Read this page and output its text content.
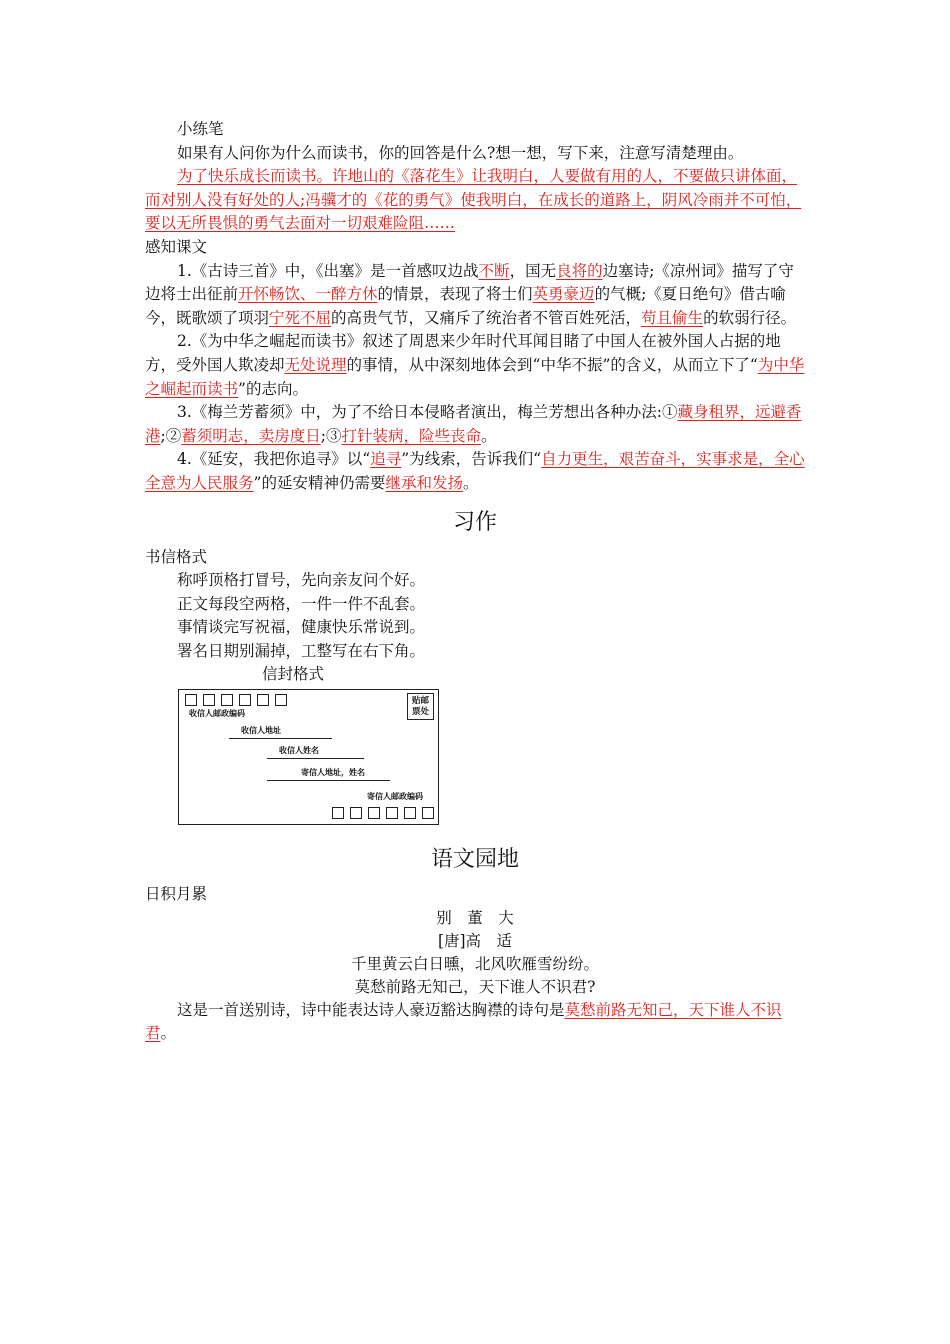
小练笔

如果有人问你为什么而读书，你的回答是什么?想一想，写下来，注意写清楚理由。

为了快乐成长而读书。许地山的《落花生》让我明白，人要做有用的人，不要做只讲体面，而对别人没有好处的人;冯骥才的《花的勇气》使我明白，在成长的道路上，阴风冷雨并不可怕，要以无所畏惧的勇气去面对一切艰难险阻……

感知课文

1.《古诗三首》中，《出塞》是一首感叹边战不断，国无良将的边塞诗;《凉州词》描写了守边将士出征前开怀畅饮、一醉方休的情景，表现了将士们英勇豪迈的气概;《夏日绝句》借古喻今，既歌颂了项羽宁死不屈的高贵气节，又痛斥了统治者不管百姓死活，苟且偷生的软弱行径。

2.《为中华之崛起而读书》叙述了周恩来少年时代耳闻目睹了中国人在被外国人占据的地方，受外国人欺凌却无处说理的事情，从中深刻地体会到“中华不振”的含义，从而立下了“为中华之崛起而读书”的志向。

3.《梅兰芳蓄须》中，为了不给日本侵略者演出，梅兰芳想出各种办法:①藏身租界，远避香港;②蓄须明志，卖房度日;③打针装病，险些丧命。

4.《延安，我把你追寻》以“追寻”为线索，告诉我们“自力更生，艰苦奋斗，实事求是，全心全意为人民服务”的延安精神仍需要继承和发扬。

习作

书信格式

称呼顶格打冒号，先向亲友问个好。

正文每段空两格，一件一件不乱套。

事情谈完写祝福，健康快乐常说到。

署名日期别漏掉，工整写在右下角。

信封格式

贴邮
票处
收信人邮政编码
收信人地址
收信人姓名
寄信人地址，姓名
寄信人邮政编码
语文园地

日积月累

别　董　大

[唐]高　适

千里黄云白日曛，北风吹雁雪纷纷。

莫愁前路无知己，天下谁人不识君?

这是一首送别诗，诗中能表达诗人豪迈豁达胸襟的诗句是莫愁前路无知己，天下谁人不识君。
